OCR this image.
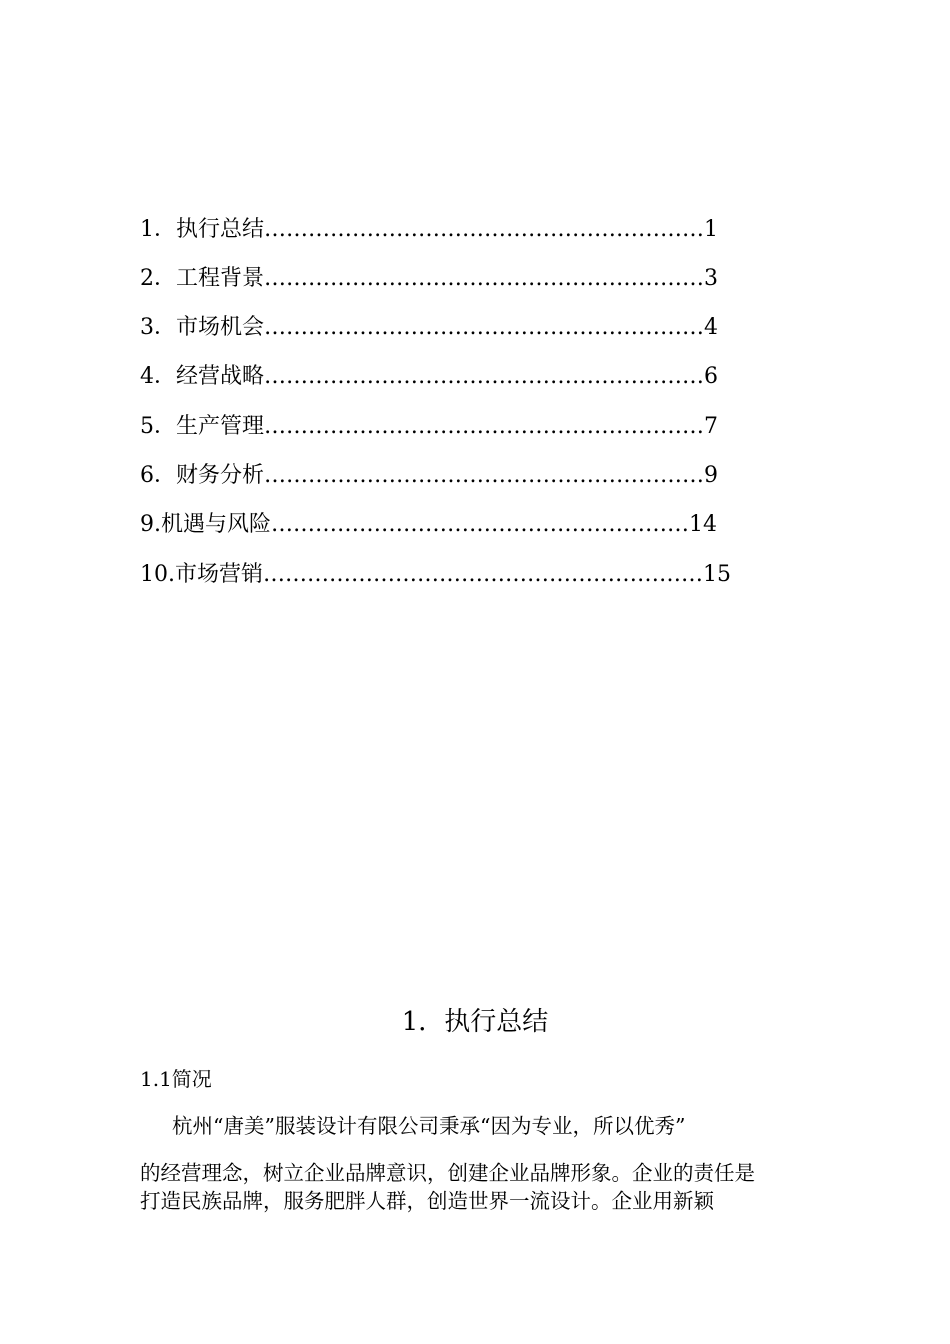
1．执行总结……………………………………………………1
2．工程背景……………………………………………………3
3．市场机会……………………………………………………4
4．经营战略……………………………………………………6
5．生产管理……………………………………………………7
6．财务分析……………………………………………………9
9.机遇与风险…………………………………………………14
10.市场营销……………………………………………………15
1．执行总结
1.1简况
杭州“唐美”服装设计有限公司秉承“因为专业，所以优秀”
的经营理念，树立企业品牌意识，创建企业品牌形象。企业的责任是
打造民族品牌，服务肥胖人群，创造世界一流设计。企业用新颖
